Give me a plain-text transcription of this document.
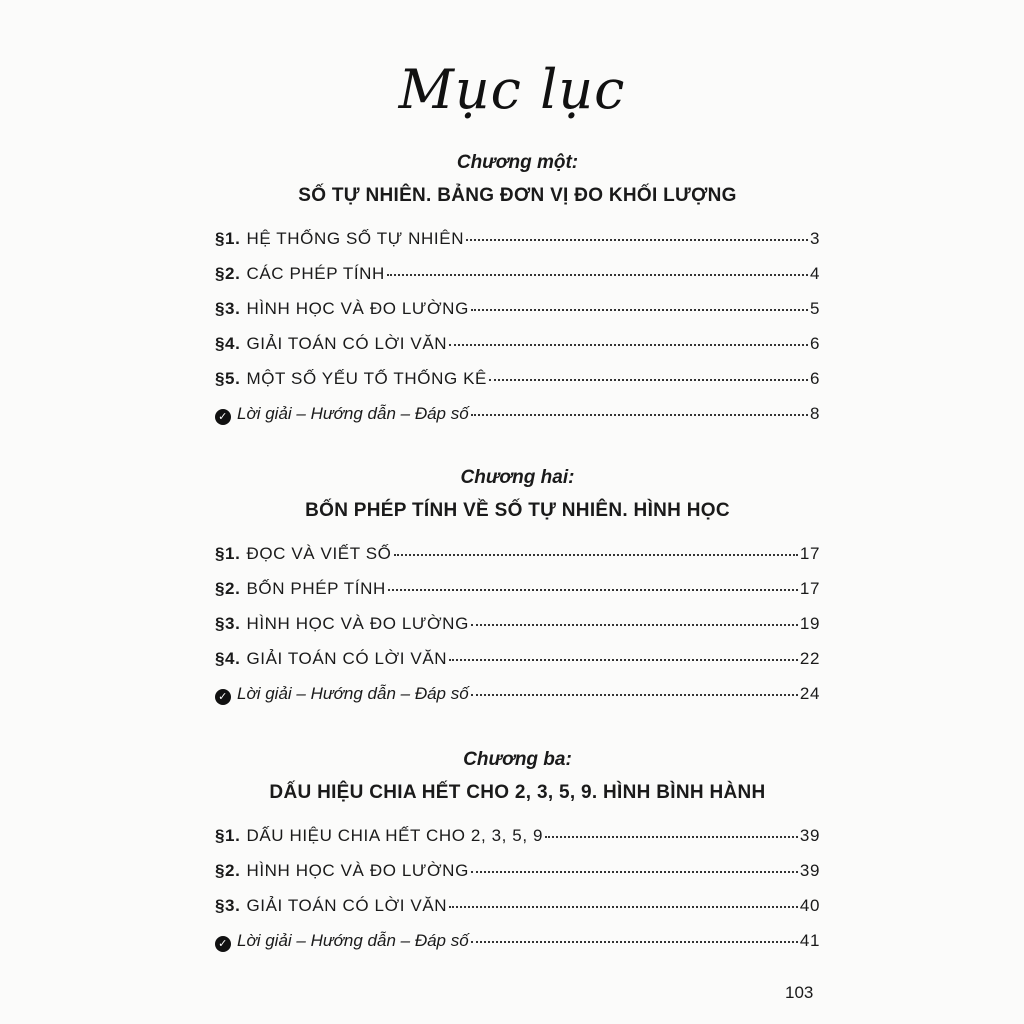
Mục lục
Chương một:
SỐ TỰ NHIÊN. BẢNG ĐƠN VỊ ĐO KHỐI LƯỢNG
§1. HỆ THỐNG SỐ TỰ NHIÊN	3
§2. CÁC PHÉP TÍNH	4
§3. HÌNH HỌC VÀ ĐO LƯỜNG	5
§4. GIẢI TOÁN CÓ LỜI VĂN	6
§5. MỘT SỐ YẾU TỐ THỐNG KÊ	6
✓ Lời giải – Hướng dẫn – Đáp số	8
Chương hai:
BỐN PHÉP TÍNH VỀ SỐ TỰ NHIÊN. HÌNH HỌC
§1. ĐỌC VÀ VIẾT SỐ	17
§2. BỐN PHÉP TÍNH	17
§3. HÌNH HỌC VÀ ĐO LƯỜNG	19
§4. GIẢI TOÁN CÓ LỜI VĂN	22
✓ Lời giải – Hướng dẫn – Đáp số	24
Chương ba:
DẤU HIỆU CHIA HẾT CHO 2, 3, 5, 9. HÌNH BÌNH HÀNH
§1. DẤU HIỆU CHIA HẾT CHO 2, 3, 5, 9	39
§2. HÌNH HỌC VÀ ĐO LƯỜNG	39
§3. GIẢI TOÁN CÓ LỜI VĂN	40
✓ Lời giải – Hướng dẫn – Đáp số	41
103
